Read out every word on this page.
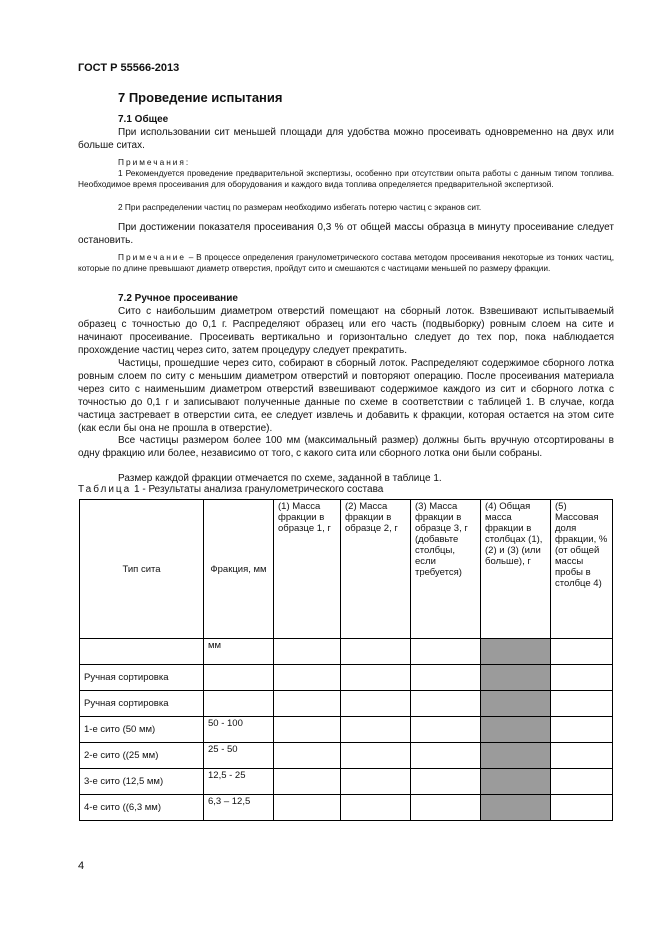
ГОСТ Р 55566-2013
7 Проведение испытания
7.1 Общее
При использовании сит меньшей площади для удобства можно просеивать одновременно на двух или больше ситах.
Примечания:
1 Рекомендуется проведение предварительной экспертизы, особенно при отсутствии опыта работы с данным типом топлива. Необходимое время просеивания для оборудования и каждого вида топлива определяется предварительной экспертизой.
2 При распределении частиц по размерам необходимо избегать потерю частиц с экранов сит.
При достижении показателя просеивания 0,3 % от общей массы образца в минуту просеивание следует остановить.
Примечание – В процессе определения гранулометрического состава методом просеивания некоторые из тонких частиц, которые по длине превышают диаметр отверстия, пройдут сито и смешаются с частицами меньшей по размеру фракции.
7.2 Ручное просеивание
Сито с наибольшим диаметром отверстий помещают на сборный лоток. Взвешивают испытываемый образец с точностью до 0,1 г. Распределяют образец или его часть (подвыборку) ровным слоем на сите и начинают просеивание. Просеивать вертикально и горизонтально следует до тех пор, пока наблюдается прохождение частиц через сито, затем процедуру следует прекратить.
Частицы, прошедшие через сито, собирают в сборный лоток. Распределяют содержимое сборного лотка ровным слоем по ситу с меньшим диаметром отверстий и повторяют операцию. После просеивания материала через сито с наименьшим диаметром отверстий взвешивают содержимое каждого из сит и сборного лотка с точностью до 0,1 г и записывают полученные данные по схеме в соответствии с таблицей 1. В случае, когда частица застревает в отверстии сита, ее следует извлечь и добавить к фракции, которая остается на этом сите (как если бы она не прошла в отверстие).
Все частицы размером более 100 мм (максимальный размер) должны быть вручную отсортированы в одну фракцию или более, независимо от того, с какого сита или сборного лотка они были собраны.
Размер каждой фракции отмечается по схеме, заданной в таблице 1.
Таблица 1 - Результаты анализа гранулометрического состава
Тип сита	Фракция, мм	(1) Масса фракции в образце 1, г	(2) Масса фракции в образце 2, г	(3) Масса фракции в образце 3, г (добавьте столбцы, если требуется)	(4) Общая масса фракции в столбцах (1), (2) и (3) (или больше), г	(5) Массовая доля фракции, % (от общей массы пробы в столбце 4)
	мм					
Ручная сортировка						
Ручная сортировка						
1-е сито (50 мм)	50 - 100					
2-е сито ((25 мм)	25 - 50					
3-е сито (12,5 мм)	12,5 - 25					
4-е сито ((6,3 мм)	6,3 – 12,5					
4
